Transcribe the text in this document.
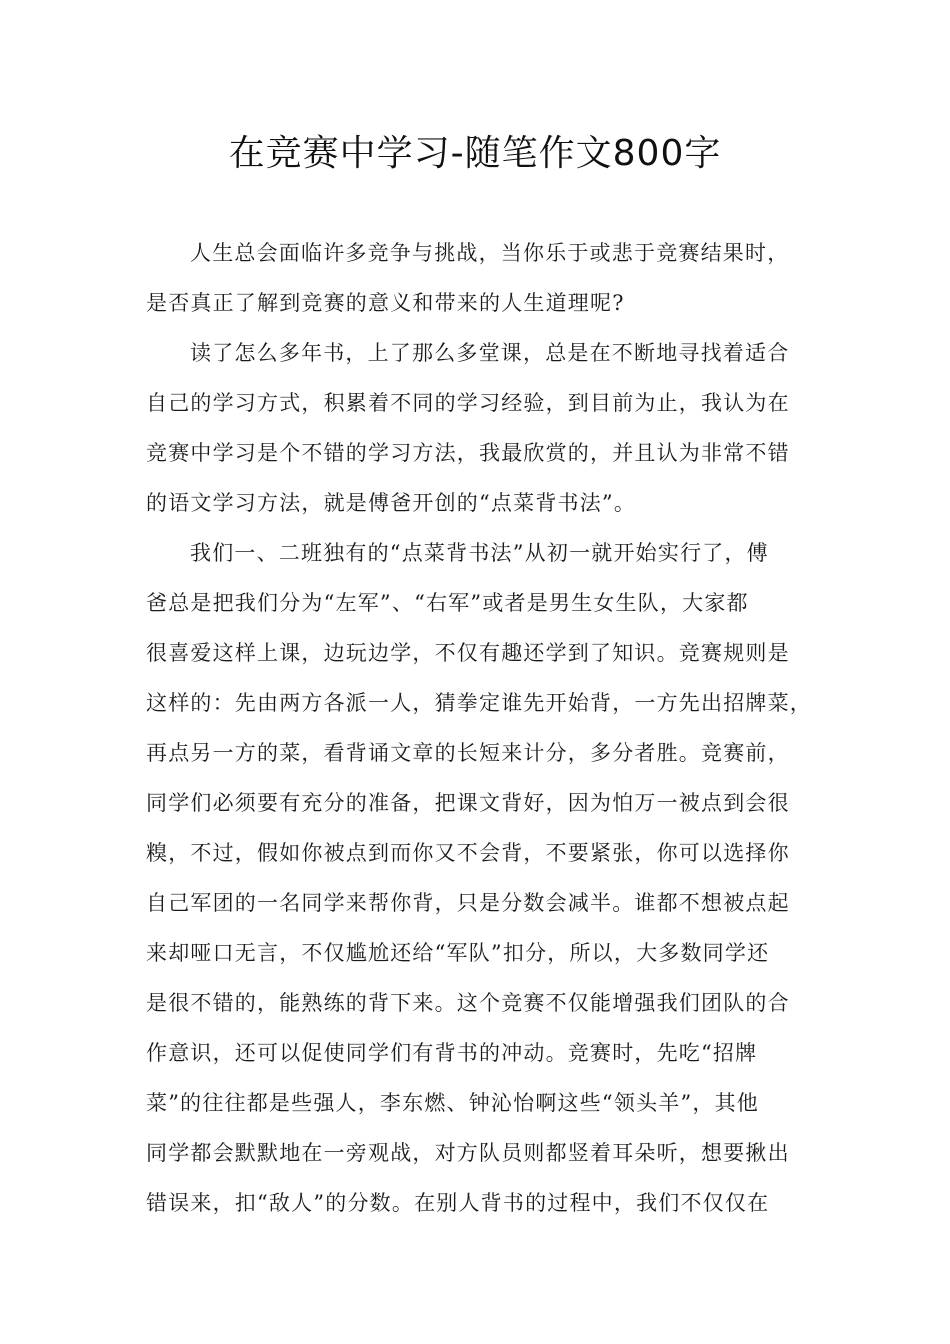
在竞赛中学习-随笔作文800字
人生总会面临许多竞争与挑战，当你乐于或悲于竞赛结果时，
是否真正了解到竞赛的意义和带来的人生道理呢?
读了怎么多年书，上了那么多堂课，总是在不断地寻找着适合
自己的学习方式，积累着不同的学习经验，到目前为止，我认为在
竞赛中学习是个不错的学习方法，我最欣赏的，并且认为非常不错
的语文学习方法，就是傅爸开创的“点菜背书法”。
我们一、二班独有的“点菜背书法”从初一就开始实行了，傅
爸总是把我们分为“左军”、“右军”或者是男生女生队，大家都
很喜爱这样上课，边玩边学，不仅有趣还学到了知识。竞赛规则是
这样的：先由两方各派一人，猜拳定谁先开始背，一方先出招牌菜，
再点另一方的菜，看背诵文章的长短来计分，多分者胜。竞赛前，
同学们必须要有充分的准备，把课文背好，因为怕万一被点到会很
糗，不过，假如你被点到而你又不会背，不要紧张，你可以选择你
自己军团的一名同学来帮你背，只是分数会减半。谁都不想被点起
来却哑口无言，不仅尴尬还给“军队”扣分，所以，大多数同学还
是很不错的，能熟练的背下来。这个竞赛不仅能增强我们团队的合
作意识，还可以促使同学们有背书的冲动。竞赛时，先吃“招牌
菜”的往往都是些强人，李东燃、钟沁怡啊这些“领头羊”，其他
同学都会默默地在一旁观战，对方队员则都竖着耳朵听，想要揪出
错误来，扣“敌人”的分数。在别人背书的过程中，我们不仅仅在
